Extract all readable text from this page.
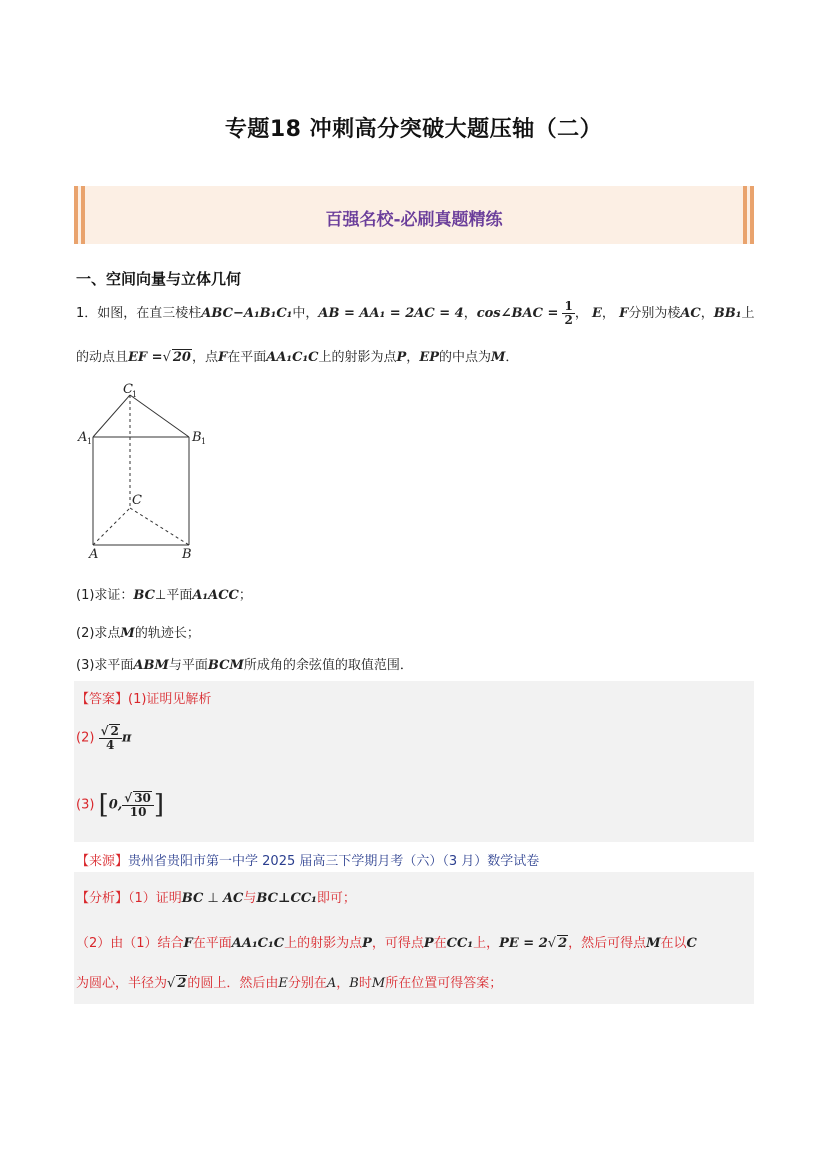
专题18 冲刺高分突破大题压轴（二）
百强名校-必刷真题精练
一、空间向量与立体几何
1．如图，在直三棱柱ABC−A₁B₁C₁中，AB = AA₁ = 2AC = 4，cos∠BAC = $\frac{1}{2}$ ， E， F分别为棱AC，BB₁上
的动点且EF =√ 20，点F在平面AA₁C₁C上的射影为点P，EP的中点为M．
C 1
A 1	B 1
C
A	B
(1)求证：BC⊥平面A₁ACC；
(2)求点M的轨迹长；
(3)求平面ABM与平面BCM所成角的余弦值的取值范围．
【答案】(1)证明见解析
$(2) \frac{√ 2}{4}$ π
(3) [0, $\frac{√ 30}{10}$ ]
【来源】贵州省贵阳市第一中学 2025 届高三下学期月考（六）（3 月）数学试卷
【分析】（1）证明BC ⊥ AC与BC⊥CC₁即可；
（2）由（1）结合F在平面AA₁C₁C上的射影为点P，可得点P在CC₁上，PE = 2√ 2，然后可得点M在以C
为圆心，半径为√ 2的圆上．然后由E分别在A，B时M所在位置可得答案；
